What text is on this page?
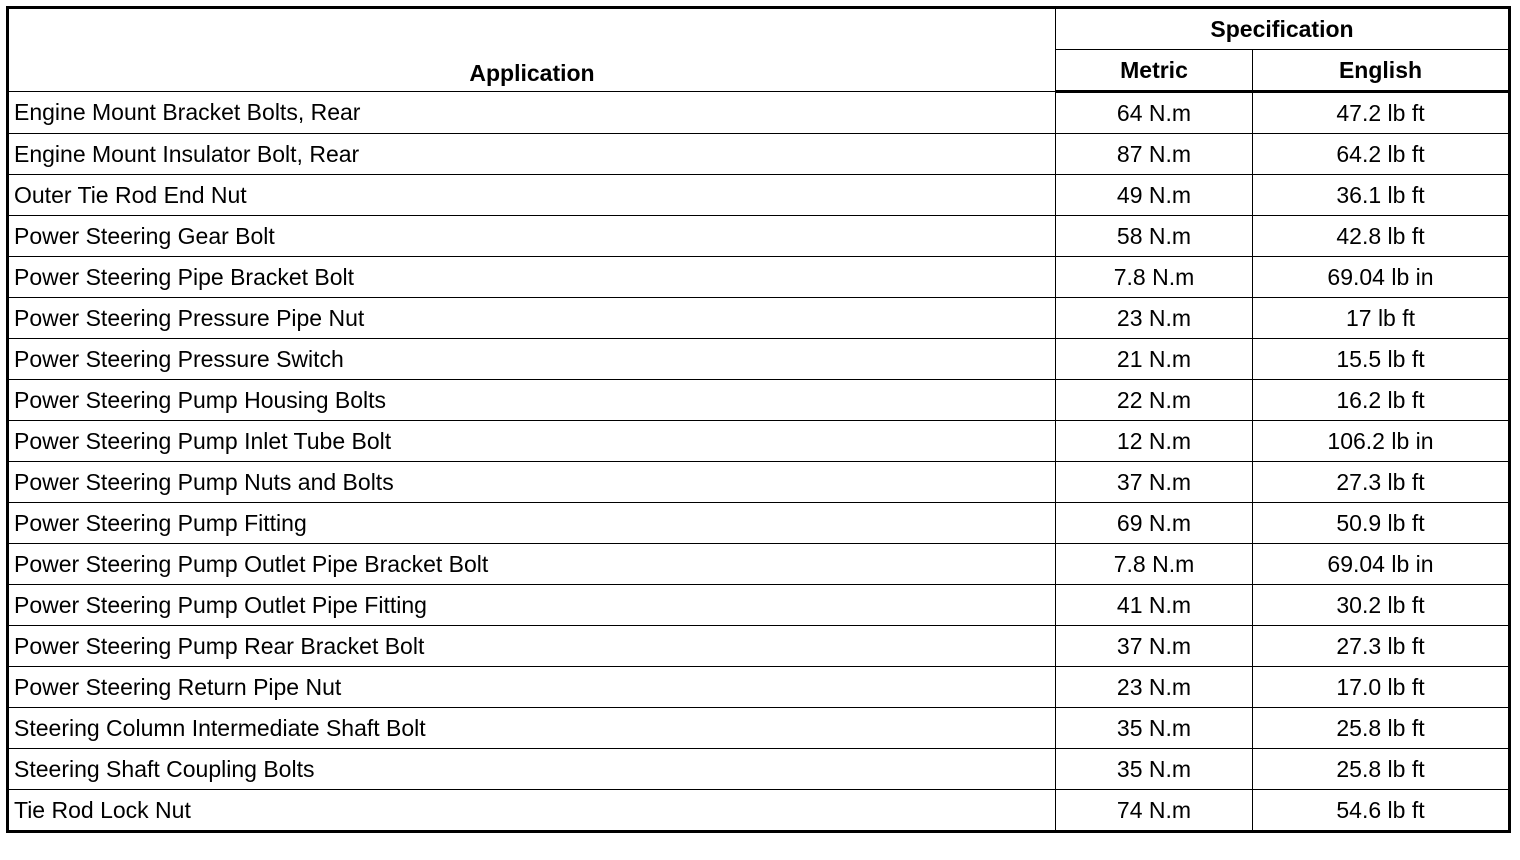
Application	Specification	
	Metric	English
Engine Mount Bracket Bolts, Rear	64 N.m	47.2 lb ft
Engine Mount Insulator Bolt, Rear	87 N.m	64.2 lb ft
Outer Tie Rod End Nut	49 N.m	36.1 lb ft
Power Steering Gear Bolt	58 N.m	42.8 lb ft
Power Steering Pipe Bracket Bolt	7.8 N.m	69.04 lb in
Power Steering Pressure Pipe Nut	23 N.m	17 lb ft
Power Steering Pressure Switch	21 N.m	15.5 lb ft
Power Steering Pump Housing Bolts	22 N.m	16.2 lb ft
Power Steering Pump Inlet Tube Bolt	12 N.m	106.2 lb in
Power Steering Pump Nuts and Bolts	37 N.m	27.3 lb ft
Power Steering Pump Fitting	69 N.m	50.9 lb ft
Power Steering Pump Outlet Pipe Bracket Bolt	7.8 N.m	69.04 lb in
Power Steering Pump Outlet Pipe Fitting	41 N.m	30.2 lb ft
Power Steering Pump Rear Bracket Bolt	37 N.m	27.3 lb ft
Power Steering Return Pipe Nut	23 N.m	17.0 lb ft
Steering Column Intermediate Shaft Bolt	35 N.m	25.8 lb ft
Steering Shaft Coupling Bolts	35 N.m	25.8 lb ft
Tie Rod Lock Nut	74 N.m	54.6 lb ft
